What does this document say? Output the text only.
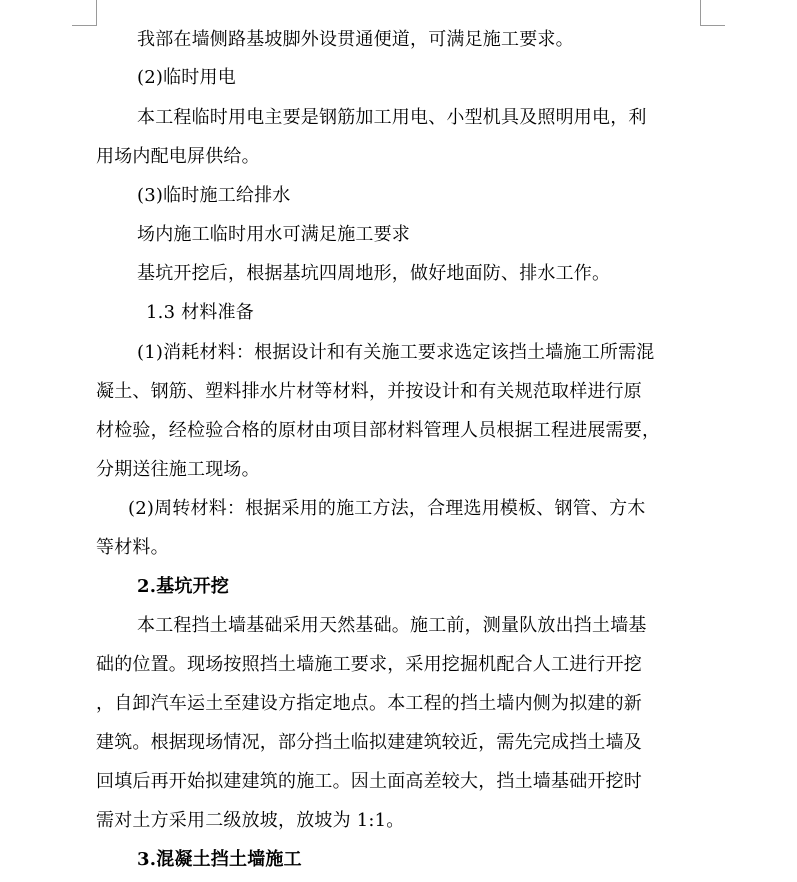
我部在墙侧路基坡脚外设贯通便道，可满足施工要求。
(2)临时用电
本工程临时用电主要是钢筋加工用电、小型机具及照明用电，利
用场内配电屏供给。
(3)临时施工给排水
场内施工临时用水可满足施工要求
基坑开挖后，根据基坑四周地形，做好地面防、排水工作。
1.3 材料准备
(1)消耗材料：根据设计和有关施工要求选定该挡土墙施工所需混
凝土、钢筋、塑料排水片材等材料，并按设计和有关规范取样进行原
材检验，经检验合格的原材由项目部材料管理人员根据工程进展需要，
分期送往施工现场。
(2)周转材料：根据采用的施工方法，合理选用模板、钢管、方木
等材料。
2.基坑开挖
本工程挡土墙基础采用天然基础。施工前，测量队放出挡土墙基
础的位置。现场按照挡土墙施工要求，采用挖掘机配合人工进行开挖
，自卸汽车运土至建设方指定地点。本工程的挡土墙内侧为拟建的新
建筑。根据现场情况，部分挡土临拟建建筑较近，需先完成挡土墙及
回填后再开始拟建建筑的施工。因土面高差较大，挡土墙基础开挖时
需对土方采用二级放坡，放坡为 1:1。
3.混凝土挡土墙施工
